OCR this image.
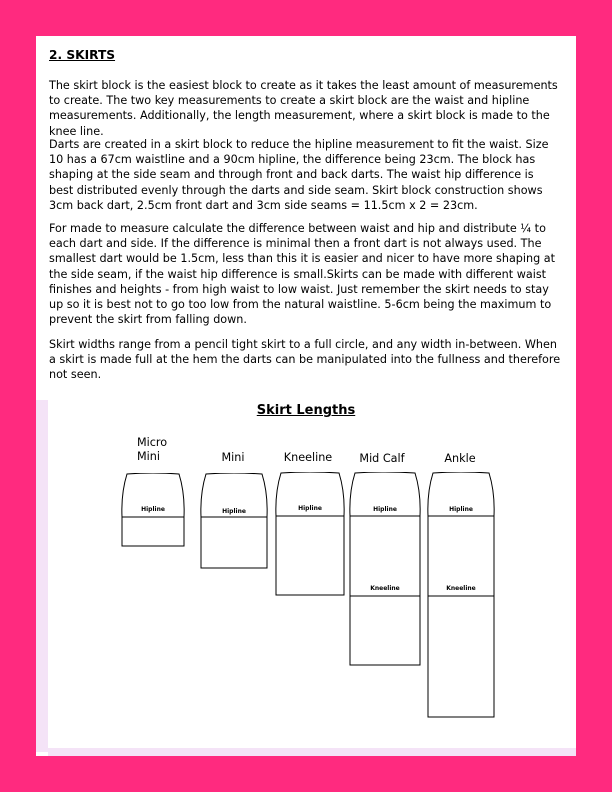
2. SKIRTS

The skirt block is the easiest block to create as it takes the least amount of measurements to create. The two key measurements to create a skirt block are the waist and hipline measurements. Additionally, the length measurement, where a skirt block is made to the knee line.

Darts are created in a skirt block to reduce the hipline measurement to fit the waist. Size 10 has a 67cm waistline and a 90cm hipline, the difference being 23cm. The block has shaping at the side seam and through front and back darts. The waist hip difference is best distributed evenly through the darts and side seam. Skirt block construction shows 3cm back dart, 2.5cm front dart and 3cm side seams = 11.5cm x 2 = 23cm.

For made to measure calculate the difference between waist and hip and distribute ¼ to each dart and side. If the difference is minimal then a front dart is not always used. The smallest dart would be 1.5cm, less than this it is easier and nicer to have more shaping at the side seam, if the waist hip difference is small.Skirts can be made with different waist finishes and heights - from high waist to low waist. Just remember the skirt needs to stay up so it is best not to go too low from the natural waistline. 5-6cm being the maximum to prevent the skirt from falling down.

Skirt widths range from a pencil tight skirt to a full circle, and any width in-between. When a skirt is made full at the hem the darts can be manipulated into the fullness and therefore not seen.

Skirt Lengths
Micro
Mini	Mini	Kneeline	Mid Calf	Ankle
Hipline	Hipline	Hipline	Hipline
Kneeline
Hipline
Kneeline
